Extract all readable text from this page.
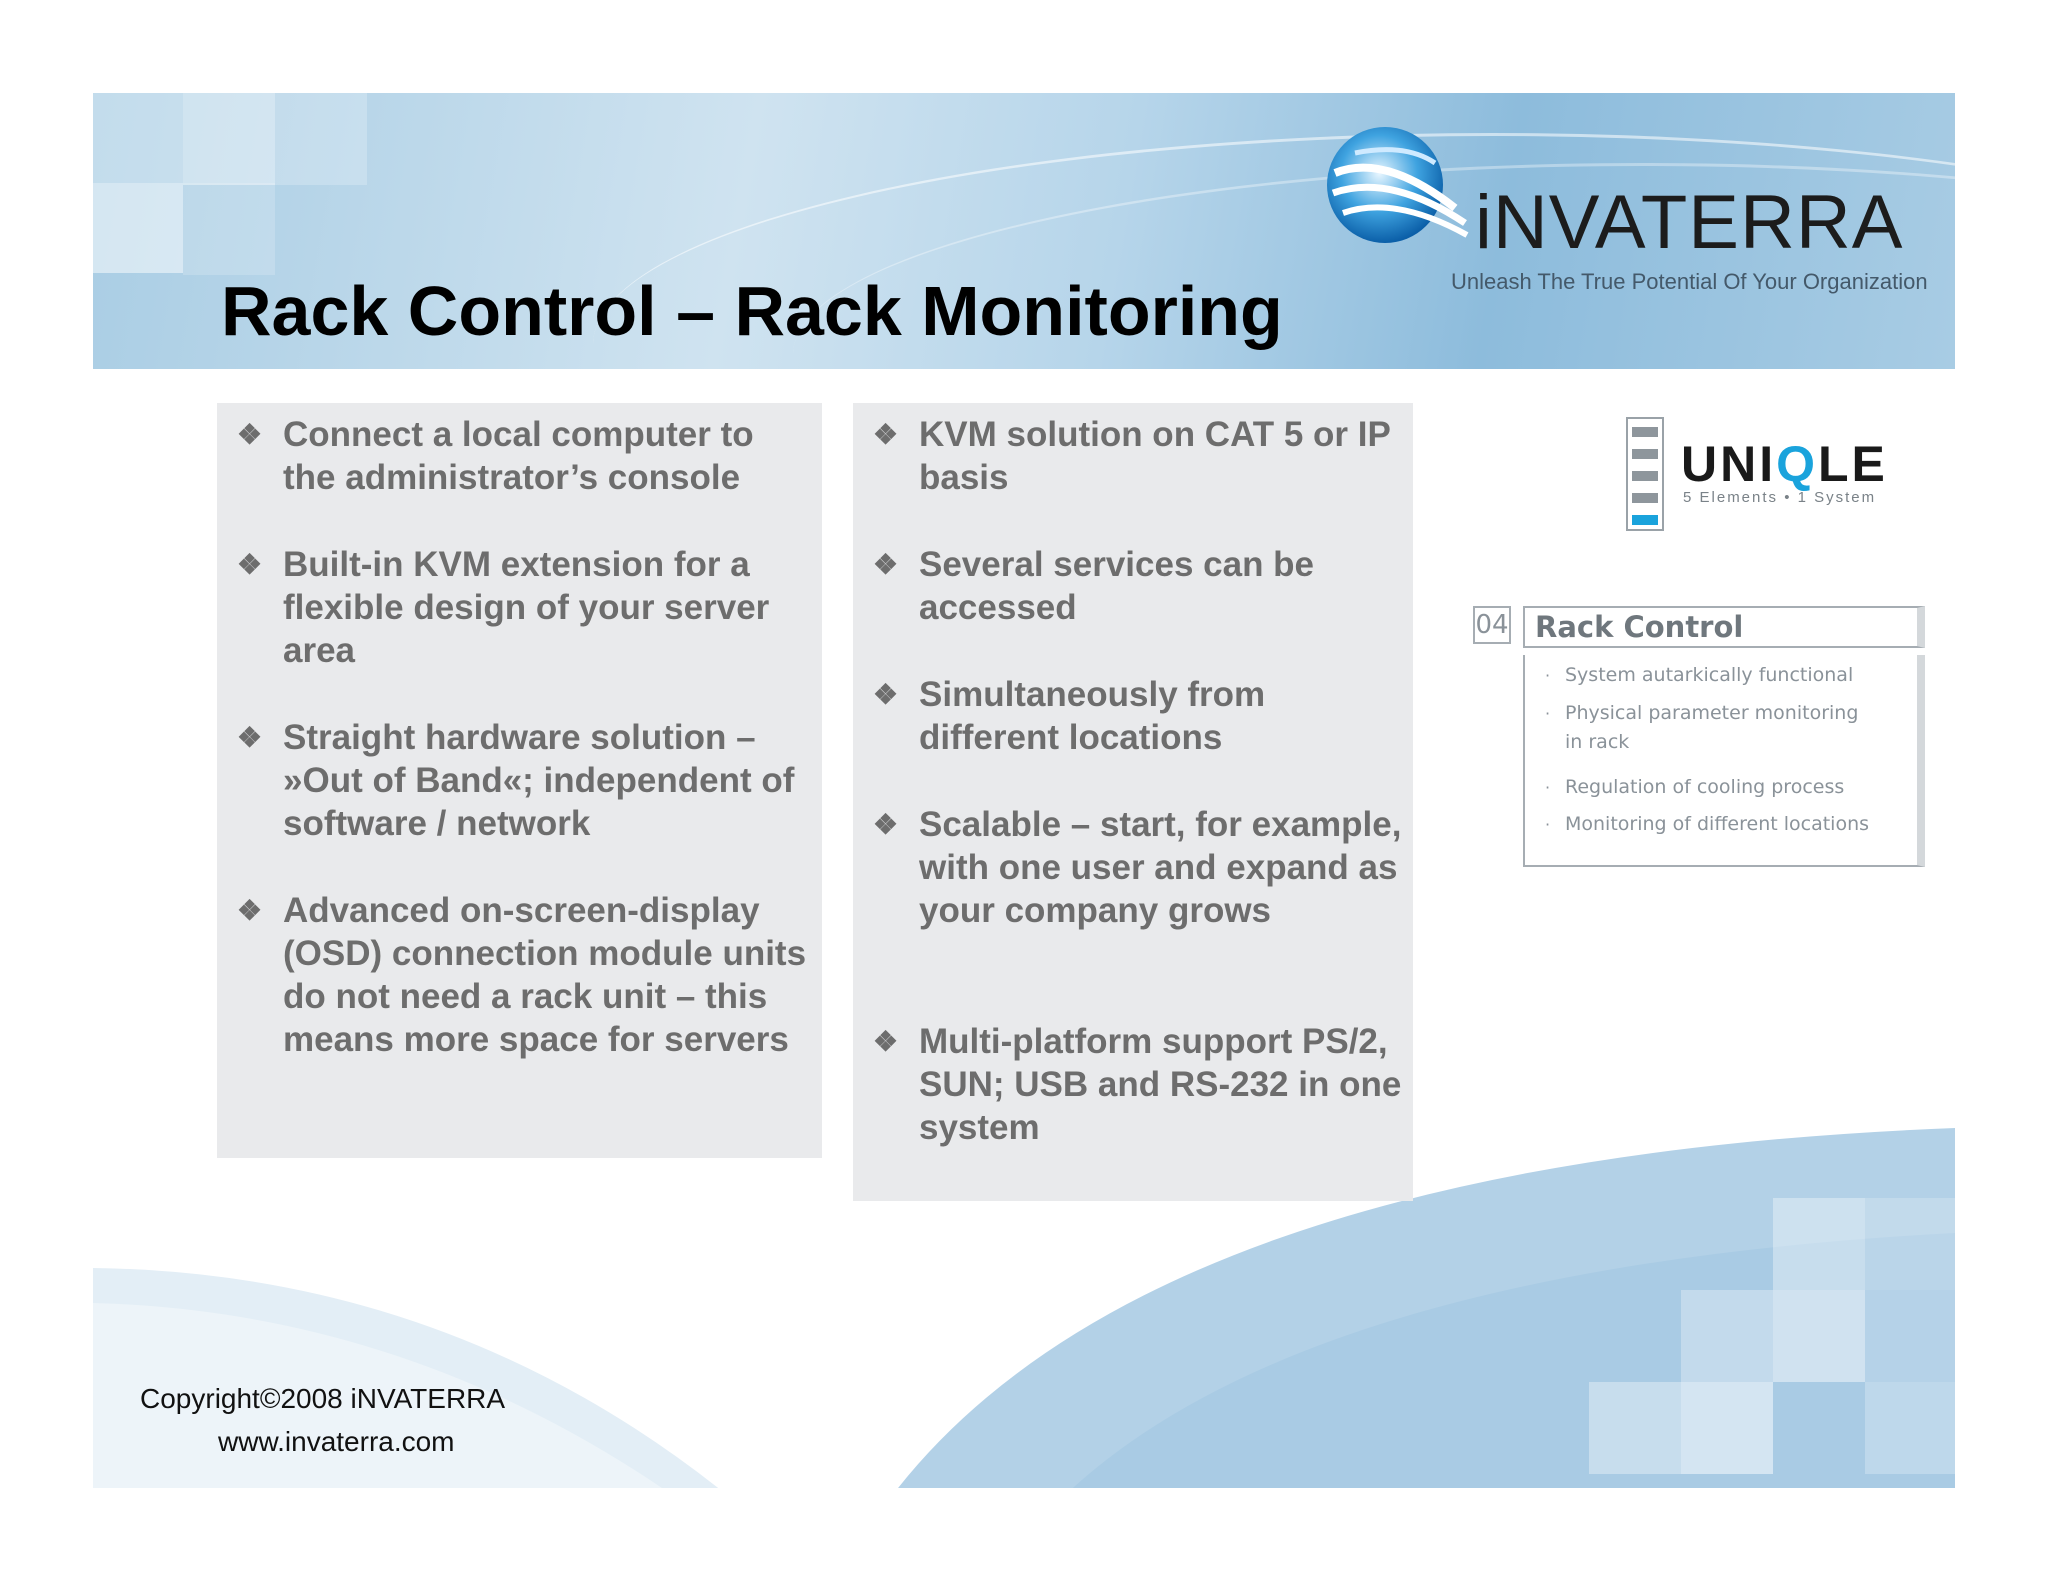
Rack Control – Rack Monitoring
iNVATERRA
Unleash The True Potential Of Your Organization
❖ Connect a local computer to the administrator’s console
❖ Built-in KVM extension for a flexible design of your server area
❖ Straight hardware solution – »Out of Band«; independent of software / network
❖ Advanced on-screen-display (OSD) connection module units do not need a rack unit – this means more space for servers
❖ KVM solution on CAT 5 or IP basis
❖ Several services can be accessed
❖ Simultaneously from different locations
❖ Scalable – start, for example, with one user and expand as your company grows
❖ Multi-platform support PS/2, SUN; USB and RS-232 in one system
UNIQLE
5 Elements • 1 System
04 Rack Control
· System autarkically functional
· Physical parameter monitoring in rack
· Regulation of cooling process
· Monitoring of different locations
Copyright©2008 iNVATERRA
www.invaterra.com
